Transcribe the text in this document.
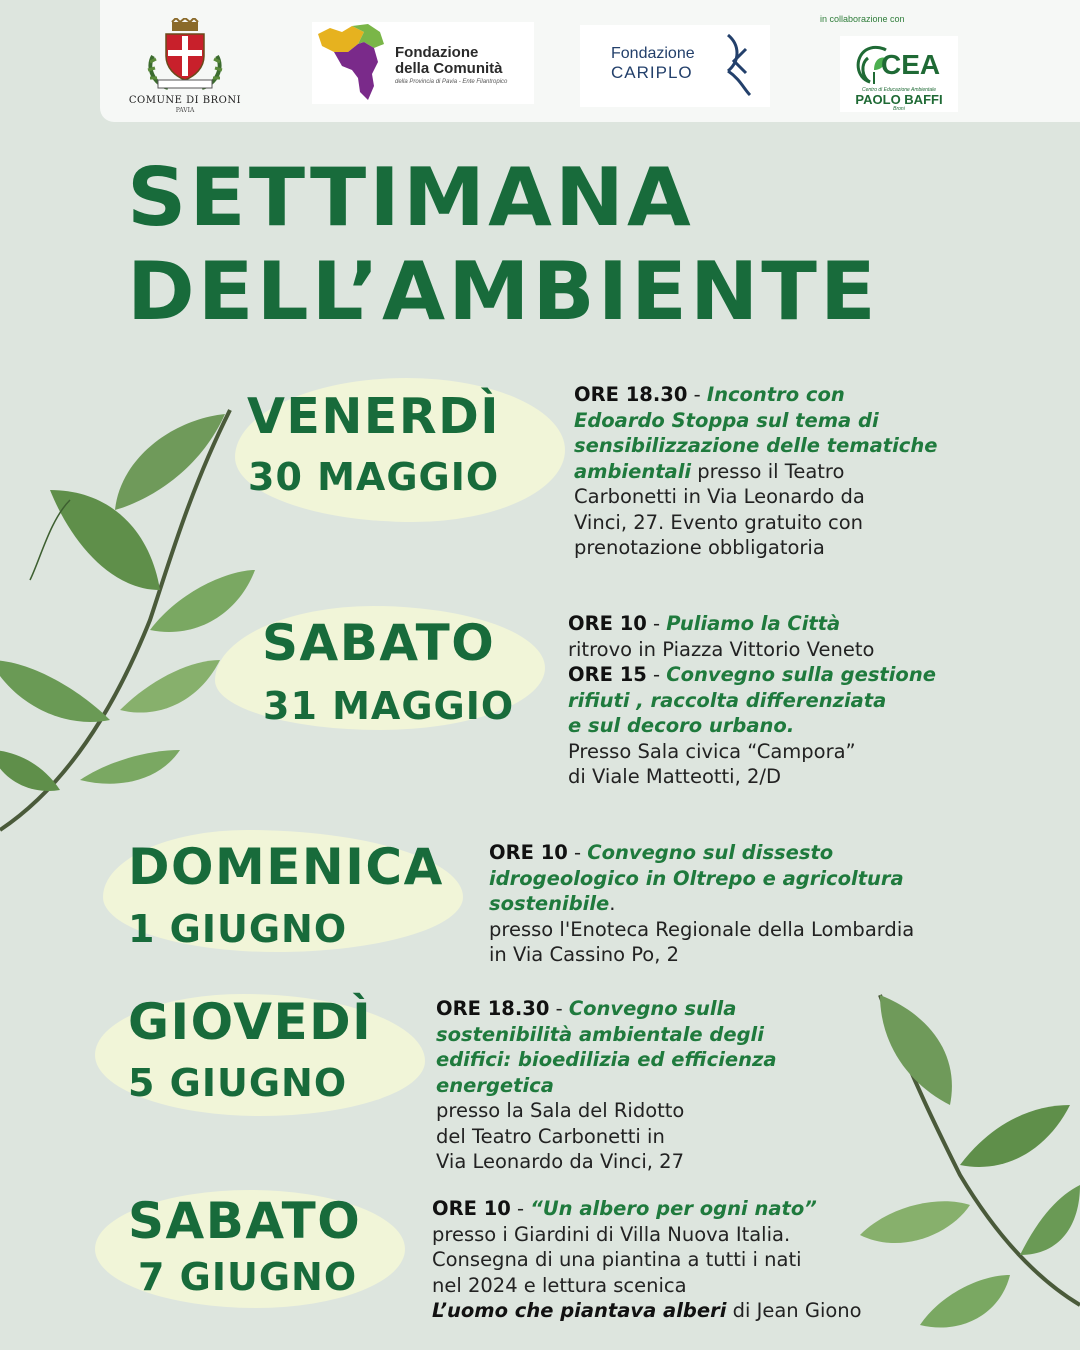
COMUNE DI BRONI
PAVIA
Fondazione
della Comunità
della Provincia di Pavia - Ente Filantropico
Fondazione
CARIPLO
in collaborazione con
CEA
Centro di Educazione Ambientale
PAOLO BAFFI
Broni
SETTIMANA
DELL’AMBIENTE
VENERDÌ
30 MAGGIO

ORE 18.30 - Incontro con

Edoardo Stoppa sul tema di

sensibilizzazione delle tematiche

ambientali presso il Teatro

Carbonetti in Via Leonardo da

Vinci, 27. Evento gratuito con

prenotazione obbligatoria

SABATO
31 MAGGIO

ORE 10 - Puliamo la Città

ritrovo in Piazza Vittorio Veneto

ORE 15 - Convegno sulla gestione

rifiuti , raccolta differenziata

e sul decoro urbano.

Presso Sala civica “Campora”

di Viale Matteotti, 2/D

DOMENICA
1 GIUGNO

ORE 10 - Convegno sul dissesto

idrogeologico in Oltrepo e agricoltura

sostenibile.

presso l'Enoteca Regionale della Lombardia

in Via Cassino Po, 2

GIOVEDÌ
5 GIUGNO

ORE 18.30 - Convegno sulla

sostenibilità ambientale degli

edifici: bioedilizia ed efficienza

energetica

presso la Sala del Ridotto

del Teatro Carbonetti in

Via Leonardo da Vinci, 27

SABATO
7 GIUGNO

ORE 10 - “Un albero per ogni nato”

presso i Giardini di Villa Nuova Italia.

Consegna di una piantina a tutti i nati

nel 2024 e lettura scenica

L’uomo che piantava alberi di Jean Giono
